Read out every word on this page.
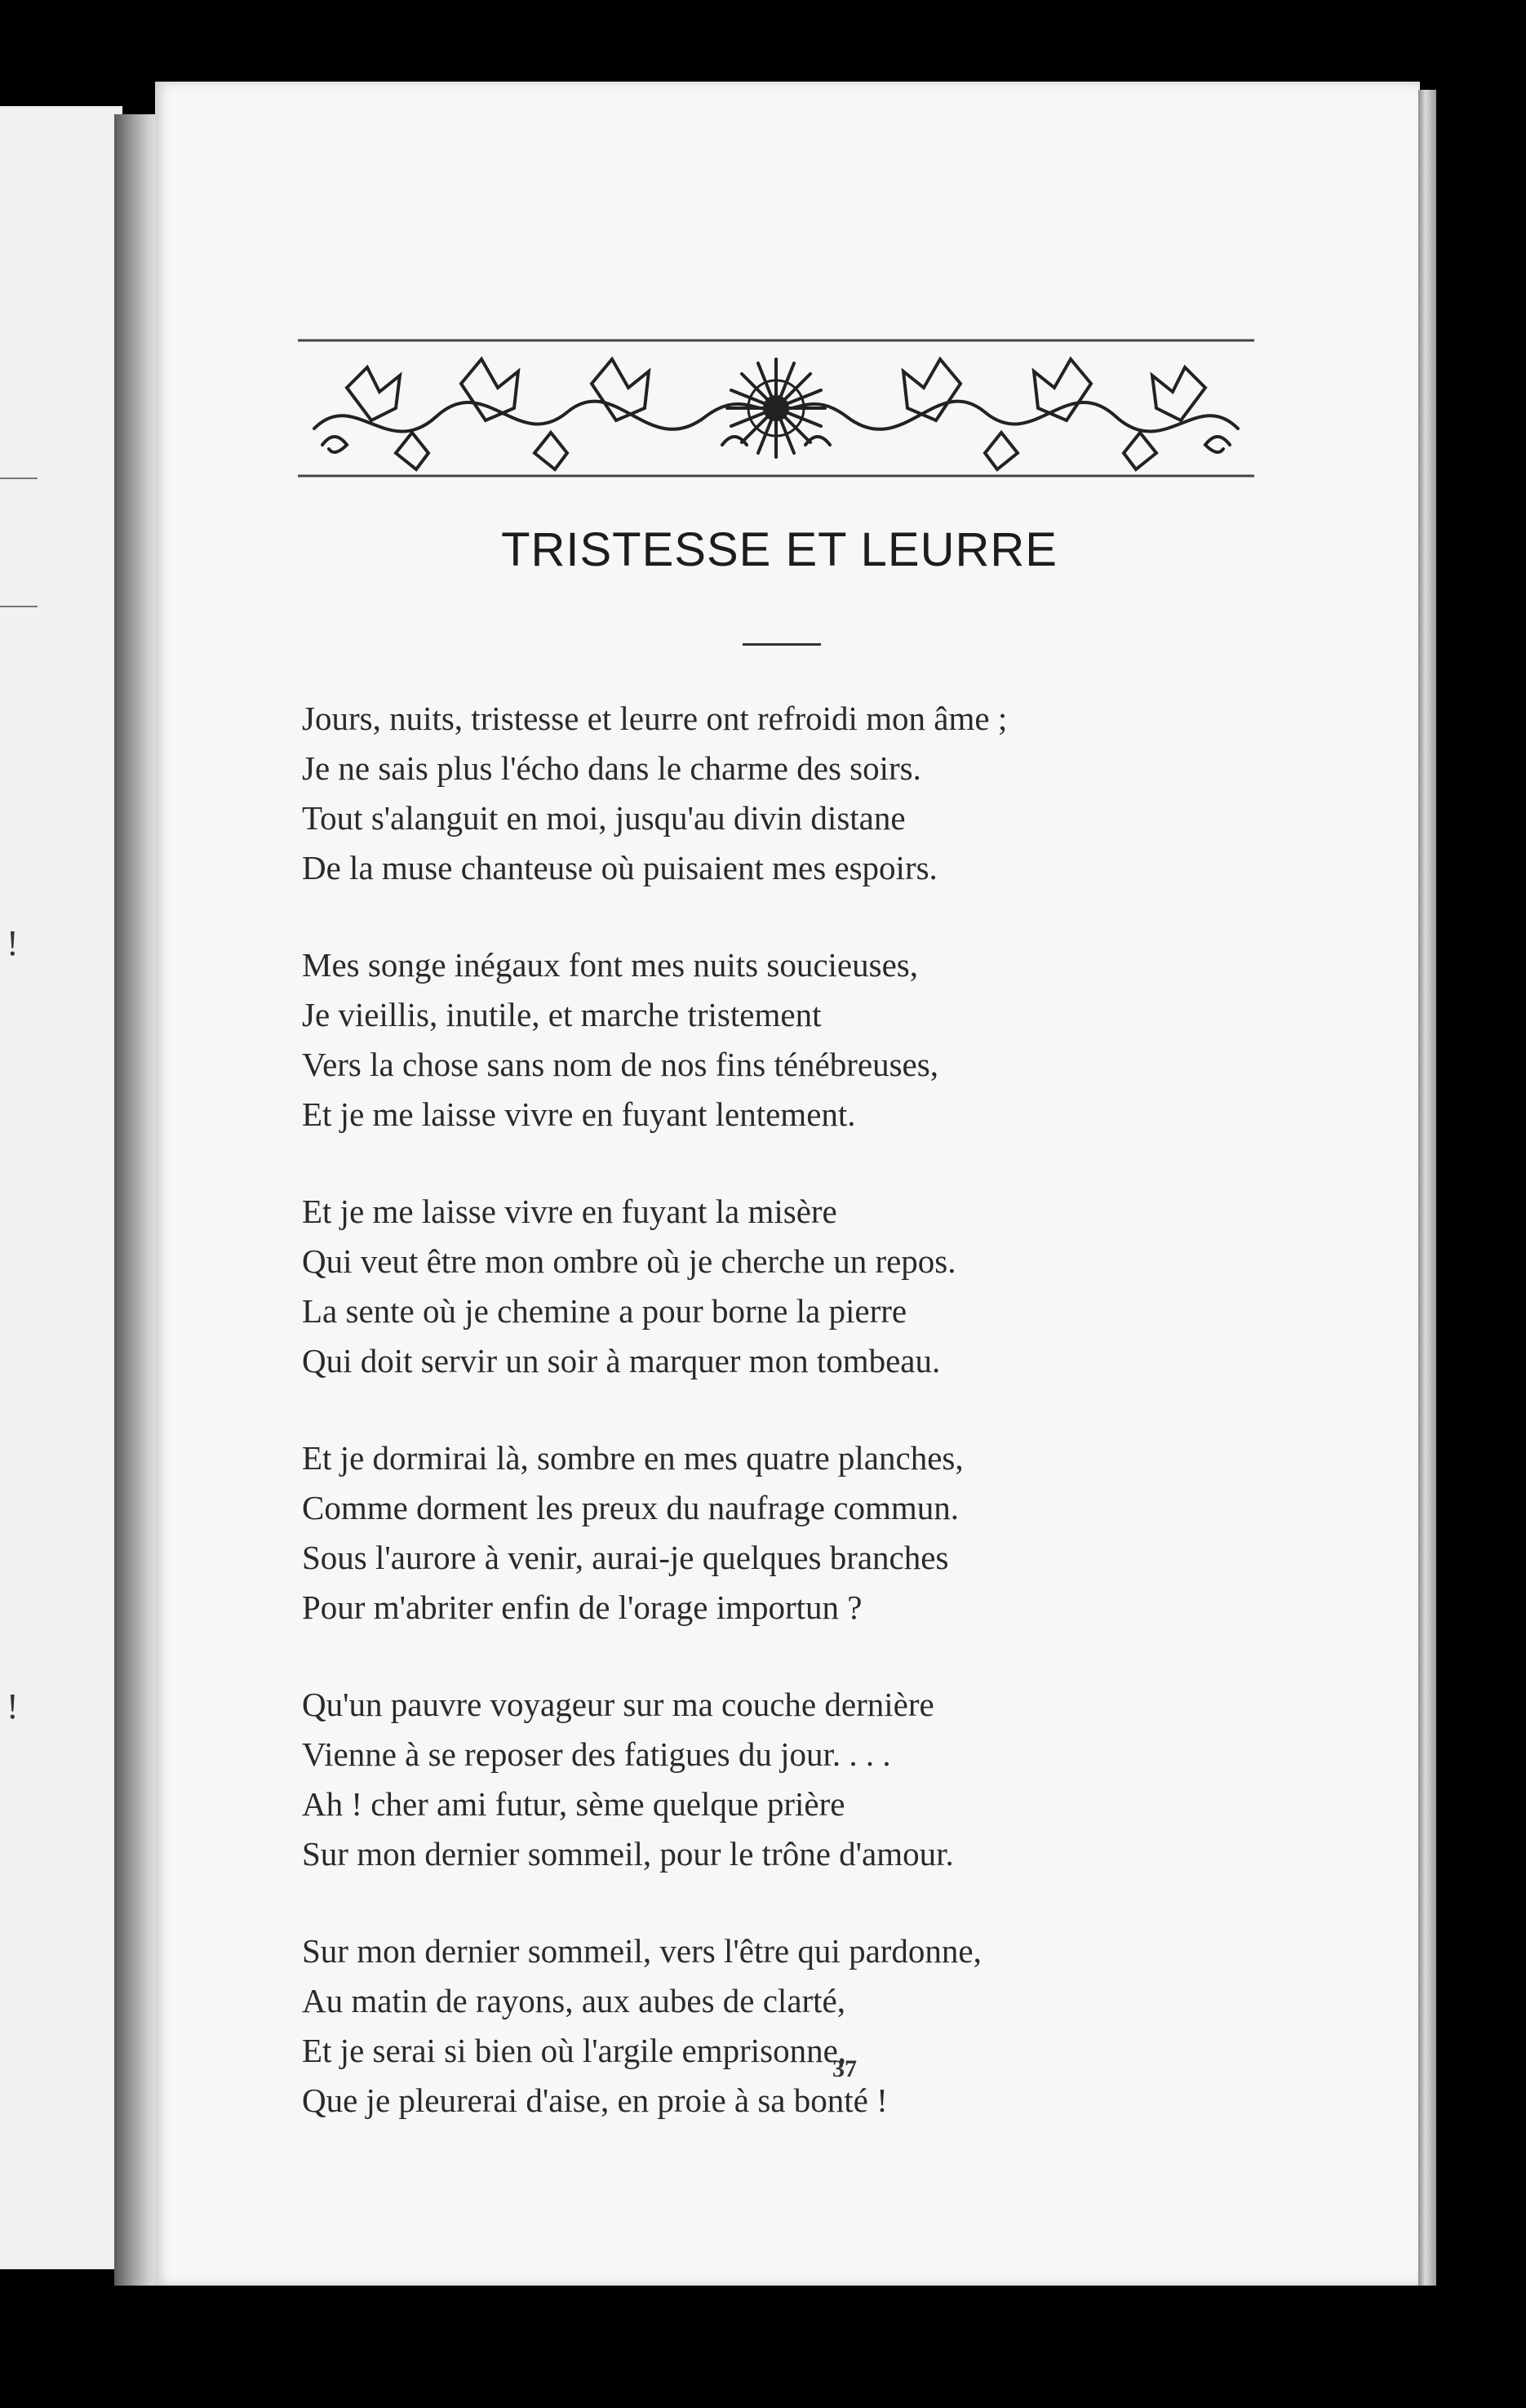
!
!
TRISTESSE ET LEURRE
Jours, nuits, tristesse et leurre ont refroidi mon âme ;
Je ne sais plus l'écho dans le charme des soirs.
Tout s'alanguit en moi, jusqu'au divin distane
De la muse chanteuse où puisaient mes espoirs.
Mes songe inégaux font mes nuits soucieuses,
Je vieillis, inutile, et marche tristement
Vers la chose sans nom de nos fins ténébreuses,
Et je me laisse vivre en fuyant lentement.
Et je me laisse vivre en fuyant la misère
Qui veut être mon ombre où je cherche un repos.
La sente où je chemine a pour borne la pierre
Qui doit servir un soir à marquer mon tombeau.
Et je dormirai là, sombre en mes quatre planches,
Comme dorment les preux du naufrage commun.
Sous l'aurore à venir, aurai-je quelques branches
Pour m'abriter enfin de l'orage importun ?
Qu'un pauvre voyageur sur ma couche dernière
Vienne à se reposer des fatigues du jour. . . .
Ah ! cher ami futur, sème quelque prière
Sur mon dernier sommeil, pour le trône d'amour.
Sur mon dernier sommeil, vers l'être qui pardonne,
Au matin de rayons, aux aubes de clarté,
Et je serai si bien où l'argile emprisonne,
Que je pleurerai d'aise, en proie à sa bonté !
37
